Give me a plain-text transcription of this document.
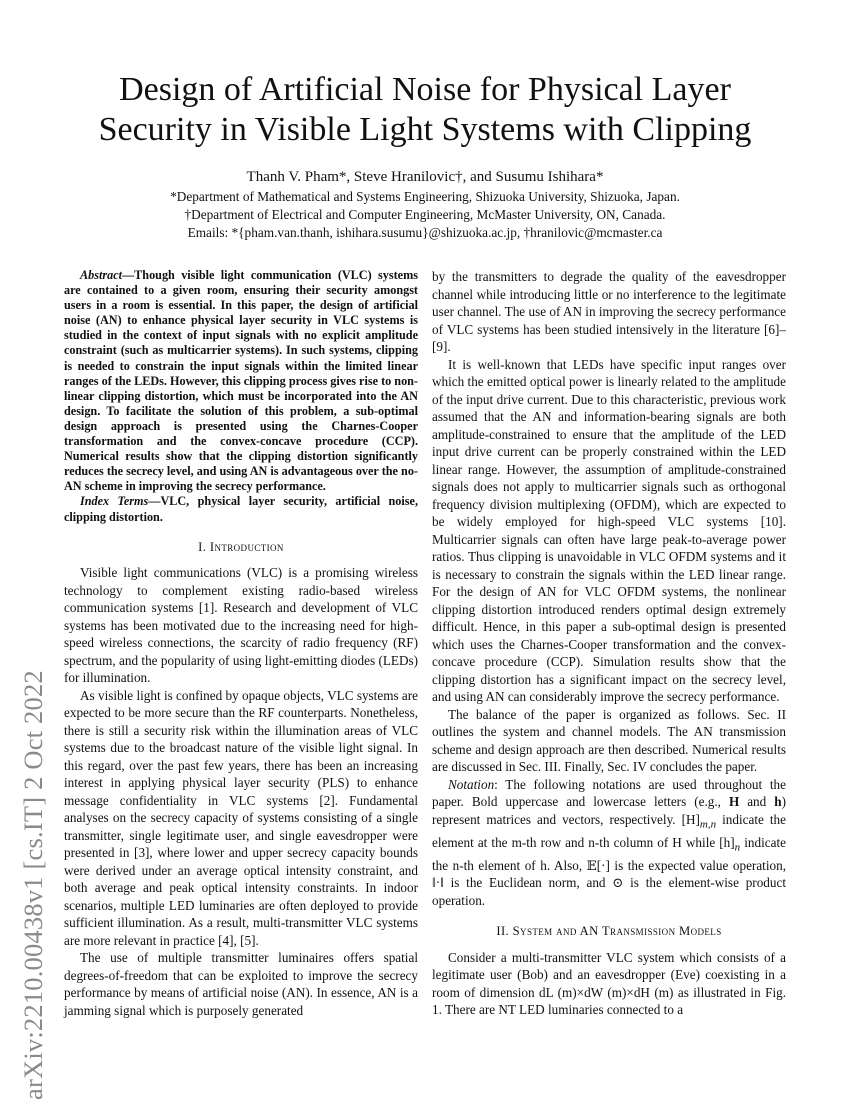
arXiv:2210.00438v1 [cs.IT] 2 Oct 2022
Design of Artificial Noise for Physical Layer
Security in Visible Light Systems with Clipping
Thanh V. Pham*, Steve Hranilovic†, and Susumu Ishihara*
*Department of Mathematical and Systems Engineering, Shizuoka University, Shizuoka, Japan.
†Department of Electrical and Computer Engineering, McMaster University, ON, Canada.
Emails: *{pham.van.thanh, ishihara.susumu}@shizuoka.ac.jp, †hranilovic@mcmaster.ca

Abstract—Though visible light communication (VLC) systems are contained to a given room, ensuring their security amongst users in a room is essential. In this paper, the design of artificial noise (AN) to enhance physical layer security in VLC systems is studied in the context of input signals with no explicit amplitude constraint (such as multicarrier systems). In such systems, clipping is needed to constrain the input signals within the limited linear ranges of the LEDs. However, this clipping process gives rise to non-linear clipping distortion, which must be incorporated into the AN design. To facilitate the solution of this problem, a sub-optimal design approach is presented using the Charnes-Cooper transformation and the convex-concave procedure (CCP). Numerical results show that the clipping distortion significantly reduces the secrecy level, and using AN is advantageous over the no-AN scheme in improving the secrecy performance.

Index Terms—VLC, physical layer security, artificial noise, clipping distortion.

I. Introduction

Visible light communications (VLC) is a promising wireless technology to complement existing radio-based wireless communication systems [1]. Research and development of VLC systems has been motivated due to the increasing need for high-speed wireless connections, the scarcity of radio frequency (RF) spectrum, and the popularity of using light-emitting diodes (LEDs) for illumination.

As visible light is confined by opaque objects, VLC systems are expected to be more secure than the RF counterparts. Nonetheless, there is still a security risk within the illumination areas of VLC systems due to the broadcast nature of the visible light signal. In this regard, over the past few years, there has been an increasing interest in applying physical layer security (PLS) to enhance message confidentiality in VLC systems [2]. Fundamental analyses on the secrecy capacity of systems consisting of a single transmitter, single legitimate user, and single eavesdropper were presented in [3], where lower and upper secrecy capacity bounds were derived under an average optical intensity constraint, and both average and peak optical intensity constraints. In indoor scenarios, multiple LED luminaries are often deployed to provide sufficient illumination. As a result, multi-transmitter VLC systems are more relevant in practice [4], [5].

The use of multiple transmitter luminaires offers spatial degrees-of-freedom that can be exploited to improve the secrecy performance by means of artificial noise (AN). In essence, AN is a jamming signal which is purposely generated

by the transmitters to degrade the quality of the eavesdropper channel while introducing little or no interference to the legitimate user channel. The use of AN in improving the secrecy performance of VLC systems has been studied intensively in the literature [6]–[9].

It is well-known that LEDs have specific input ranges over which the emitted optical power is linearly related to the amplitude of the input drive current. Due to this characteristic, previous work assumed that the AN and information-bearing signals are both amplitude-constrained to ensure that the amplitude of the LED input drive current can be properly constrained within the LED linear range. However, the assumption of amplitude-constrained signals does not apply to multicarrier signals such as orthogonal frequency division multiplexing (OFDM), which are expected to be widely employed for high-speed VLC systems [10]. Multicarrier signals can often have large peak-to-average power ratios. Thus clipping is unavoidable in VLC OFDM systems and it is necessary to constrain the signals within the LED linear range. For the design of AN for VLC OFDM systems, the nonlinear clipping distortion introduced renders optimal design extremely difficult. Hence, in this paper a sub-optimal design is presented which uses the Charnes-Cooper transformation and the convex-concave procedure (CCP). Simulation results show that the clipping distortion has a significant impact on the secrecy level, and using AN can considerably improve the secrecy performance.

The balance of the paper is organized as follows. Sec. II outlines the system and channel models. The AN transmission scheme and design approach are then described. Numerical results are discussed in Sec. III. Finally, Sec. IV concludes the paper.

Notation: The following notations are used throughout the paper. Bold uppercase and lowercase letters (e.g., H and h) represent matrices and vectors, respectively. $[H]_{m,n}$ indicate the element at the m-th row and n-th column of H while $[h]_n$ indicate the n-th element of h. Also, 𝔼[·] is the expected value operation, ‖·‖ is the Euclidean norm, and ⊙ is the element-wise product operation.

II. System and AN Transmission Models

Consider a multi-transmitter VLC system which consists of a legitimate user (Bob) and an eavesdropper (Eve) coexisting in a room of dimension dL (m)×dW (m)×dH (m) as illustrated in Fig. 1. There are NT LED luminaries connected to a
